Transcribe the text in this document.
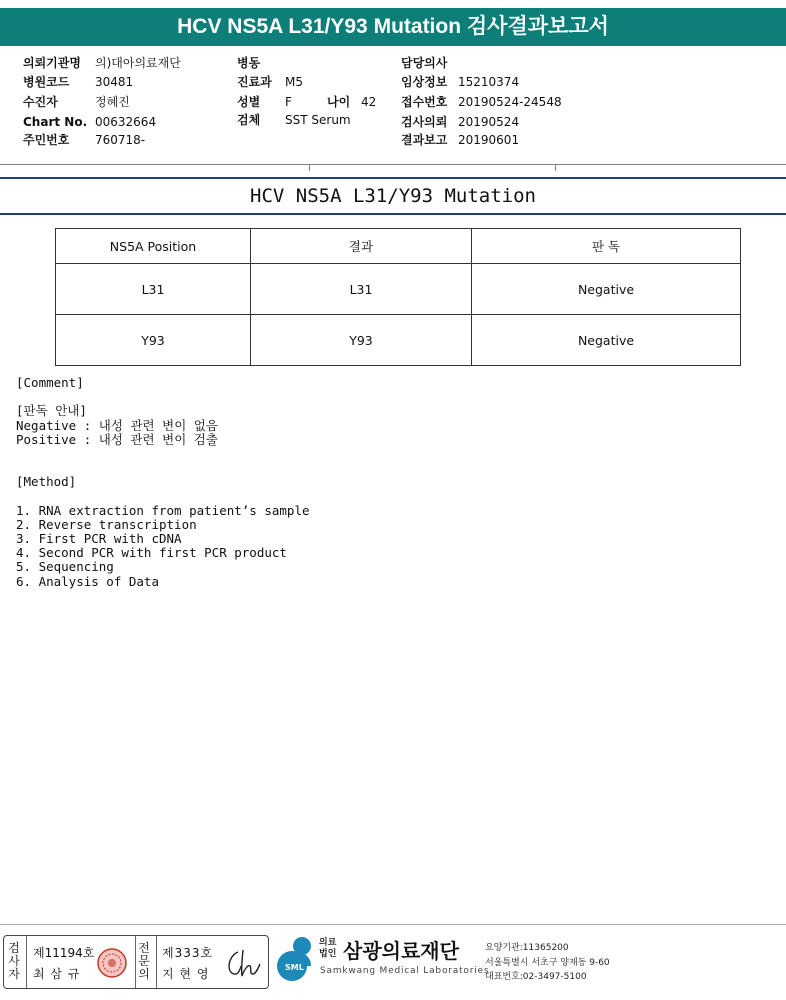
HCV NS5A L31/Y93 Mutation 검사결과보고서
의뢰기관명 의)대아의료재단
병원코드 30481
수진자	정혜진
Chart No. 00632664
주민번호 760718-
병동
진료과 M5
성별 F	나이 42
검체 SST Serum
담당의사
임상정보 15210374
접수번호 20190524-24548
검사의뢰 20190524
결과보고 20190601
HCV NS5A L31/Y93 Mutation
NS5A Position	결과	판 독
L31	L31	Negative
Y93	Y93	Negative
[Comment]
[판독 안내]
Negative : 내성 관련 변이 없음
Positive : 내성 관련 변이 검출
[Method]
1. RNA extraction from patient’s sample
2. Reverse transcription
3. First PCR with cDNA
4. Second PCR with first PCR product
5. Sequencing
6. Analysis of Data
검사자
제11194호
최 삼 규
전문의
제333호
지 현 영	SML
의료
법인 삼광의료재단
Samkwang Medical Laboratories
요양기관:11365200
서울특별시 서초구 양재동 9-60
대표번호:02-3497-5100
